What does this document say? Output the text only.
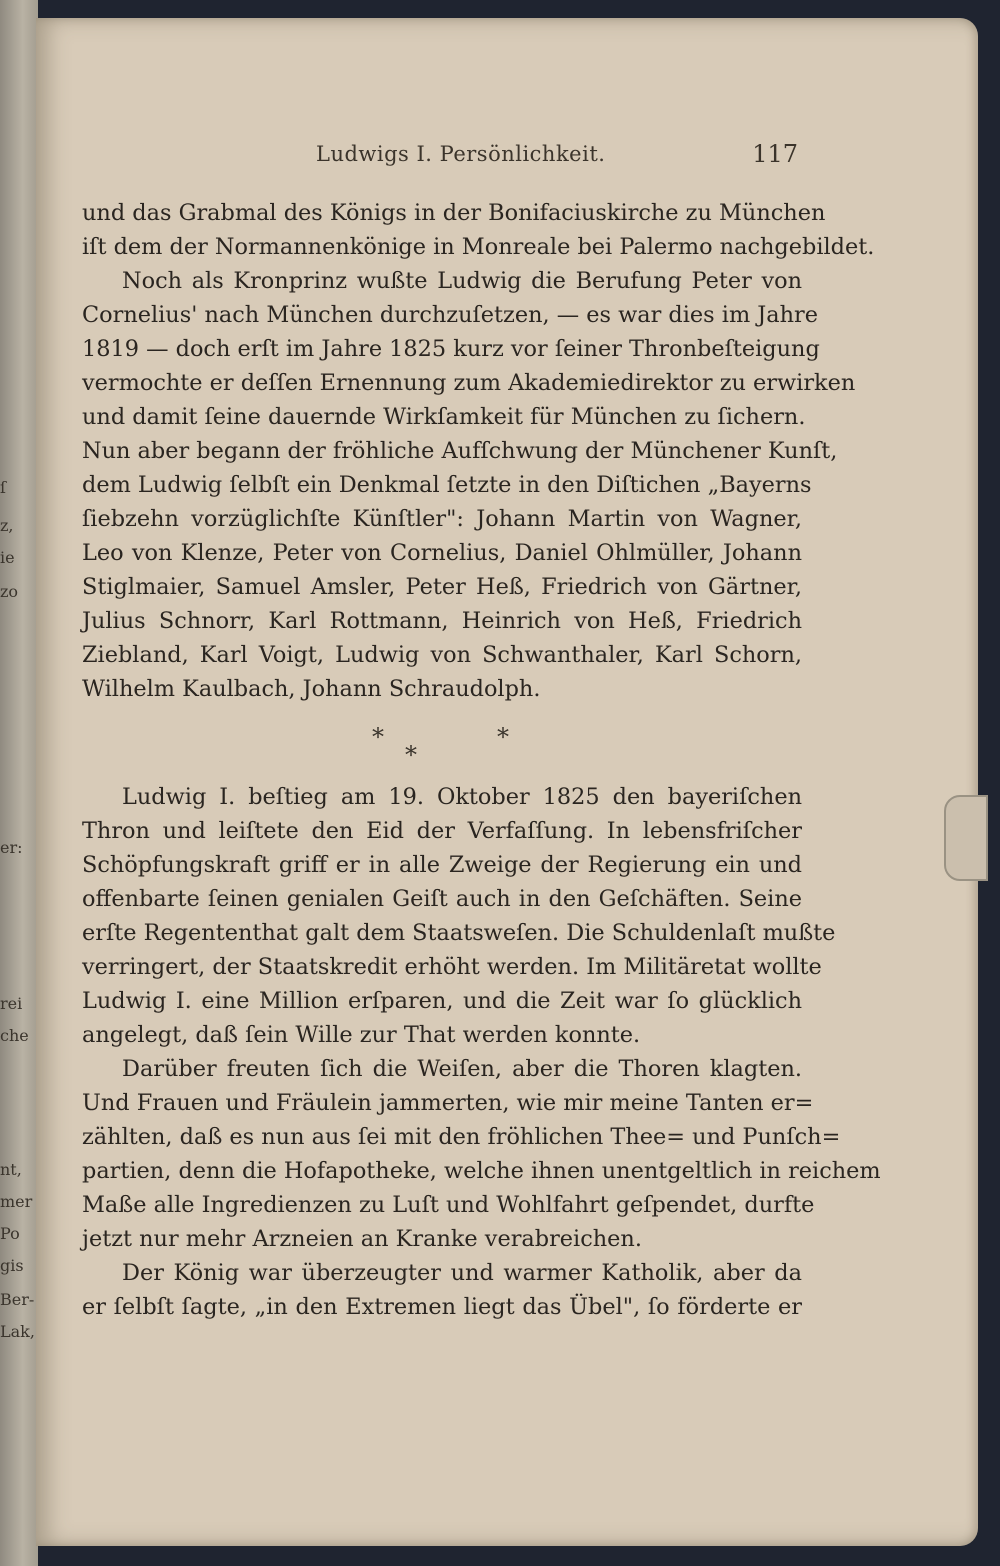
ſ
z,
ie
zo
er:
rei
che
nt,
mer
Po
gis
Ber-
Lak,
Ludwigs I. Persönlichkeit.	117
und das Grabmal des Königs in der Bonifaciuskirche zu München
iſt dem der Normannenkönige in Monreale bei Palermo nachgebildet.
Noch als Kronprinz wußte Ludwig die Berufung Peter von
Cornelius' nach München durchzuſetzen, — es war dies im Jahre
1819 — doch erſt im Jahre 1825 kurz vor ſeiner Thronbeſteigung
vermochte er deſſen Ernennung zum Akademiedirektor zu erwirken
und damit ſeine dauernde Wirkſamkeit für München zu ſichern.
Nun aber begann der fröhliche Aufſchwung der Münchener Kunſt,
dem Ludwig ſelbſt ein Denkmal ſetzte in den Diſtichen „Bayerns
ſiebzehn vorzüglichſte Künſtler": Johann Martin von Wagner,
Leo von Klenze, Peter von Cornelius, Daniel Ohlmüller, Johann
Stiglmaier, Samuel Amsler, Peter Heß, Friedrich von Gärtner,
Julius Schnorr, Karl Rottmann, Heinrich von Heß, Friedrich
Ziebland, Karl Voigt, Ludwig von Schwanthaler, Karl Schorn,
Wilhelm Kaulbach, Johann Schraudolph.
*
*
*
Ludwig I. beſtieg am 19. Oktober 1825 den bayeriſchen
Thron und leiſtete den Eid der Verfaſſung. In lebensfriſcher
Schöpfungskraft griff er in alle Zweige der Regierung ein und
offenbarte ſeinen genialen Geiſt auch in den Geſchäften. Seine
erſte Regententhat galt dem Staatsweſen. Die Schuldenlaſt mußte
verringert, der Staatskredit erhöht werden. Im Militäretat wollte
Ludwig I. eine Million erſparen, und die Zeit war ſo glücklich
angelegt, daß ſein Wille zur That werden konnte.
Darüber freuten ſich die Weiſen, aber die Thoren klagten.
Und Frauen und Fräulein jammerten, wie mir meine Tanten er=
zählten, daß es nun aus ſei mit den fröhlichen Thee= und Punſch=
partien, denn die Hofapotheke, welche ihnen unentgeltlich in reichem
Maße alle Ingredienzen zu Luſt und Wohlfahrt geſpendet, durfte
jetzt nur mehr Arzneien an Kranke verabreichen.
Der König war überzeugter und warmer Katholik, aber da
er ſelbſt ſagte, „in den Extremen liegt das Übel", ſo förderte er
